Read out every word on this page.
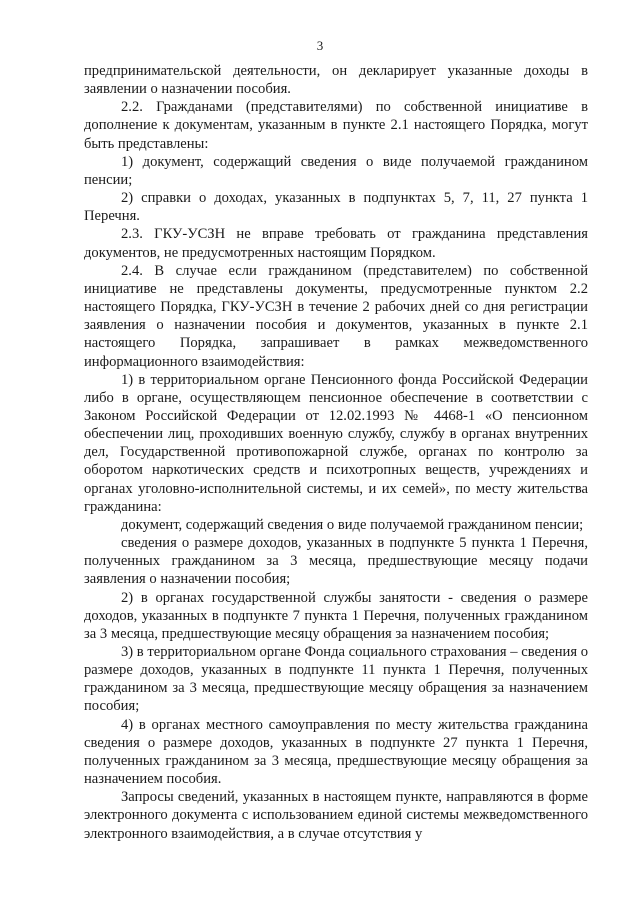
3

предпринимательской деятельности, он декларирует указанные доходы в заявлении о назначении пособия.

2.2. Гражданами (представителями) по собственной инициативе в дополнение к документам, указанным в пункте 2.1 настоящего Порядка, могут быть представлены:

1) документ, содержащий сведения о виде получаемой гражданином пенсии;

2) справки о доходах, указанных в подпунктах 5, 7, 11, 27 пункта 1 Перечня.

2.3. ГКУ-УСЗН не вправе требовать от гражданина представления документов, не предусмотренных настоящим Порядком.

2.4. В случае если гражданином (представителем) по собственной инициативе не представлены документы, предусмотренные пунктом 2.2 настоящего Порядка, ГКУ-УСЗН в течение 2 рабочих дней со дня регистрации заявления о назначении пособия и документов, указанных в пункте 2.1 настоящего Порядка, запрашивает в рамках межведомственного информационного взаимодействия:

1) в территориальном органе Пенсионного фонда Российской Федерации либо в органе, осуществляющем пенсионное обеспечение в соответствии с Законом Российской Федерации от 12.02.1993 № 4468-1 «О пенсионном обеспечении лиц, проходивших военную службу, службу в органах внутренних дел, Государственной противопожарной службе, органах по контролю за оборотом наркотических средств и психотропных веществ, учреждениях и органах уголовно-исполнительной системы, и их семей», по месту жительства гражданина:

документ, содержащий сведения о виде получаемой гражданином пенсии;

сведения о размере доходов, указанных в подпункте 5 пункта 1 Перечня, полученных гражданином за 3 месяца, предшествующие месяцу подачи заявления о назначении пособия;

2) в органах государственной службы занятости - сведения о размере доходов, указанных в подпункте 7 пункта 1 Перечня, полученных гражданином за 3 месяца, предшествующие месяцу обращения за назначением пособия;

3) в территориальном органе Фонда социального страхования – сведения о размере доходов, указанных в подпункте 11 пункта 1 Перечня, полученных гражданином за 3 месяца, предшествующие месяцу обращения за назначением пособия;

4) в органах местного самоуправления по месту жительства гражданина сведения о размере доходов, указанных в подпункте 27 пункта 1 Перечня, полученных гражданином за 3 месяца, предшествующие месяцу обращения за назначением пособия.

Запросы сведений, указанных в настоящем пункте, направляются в форме электронного документа с использованием единой системы межведомственного электронного взаимодействия, а в случае отсутствия у
